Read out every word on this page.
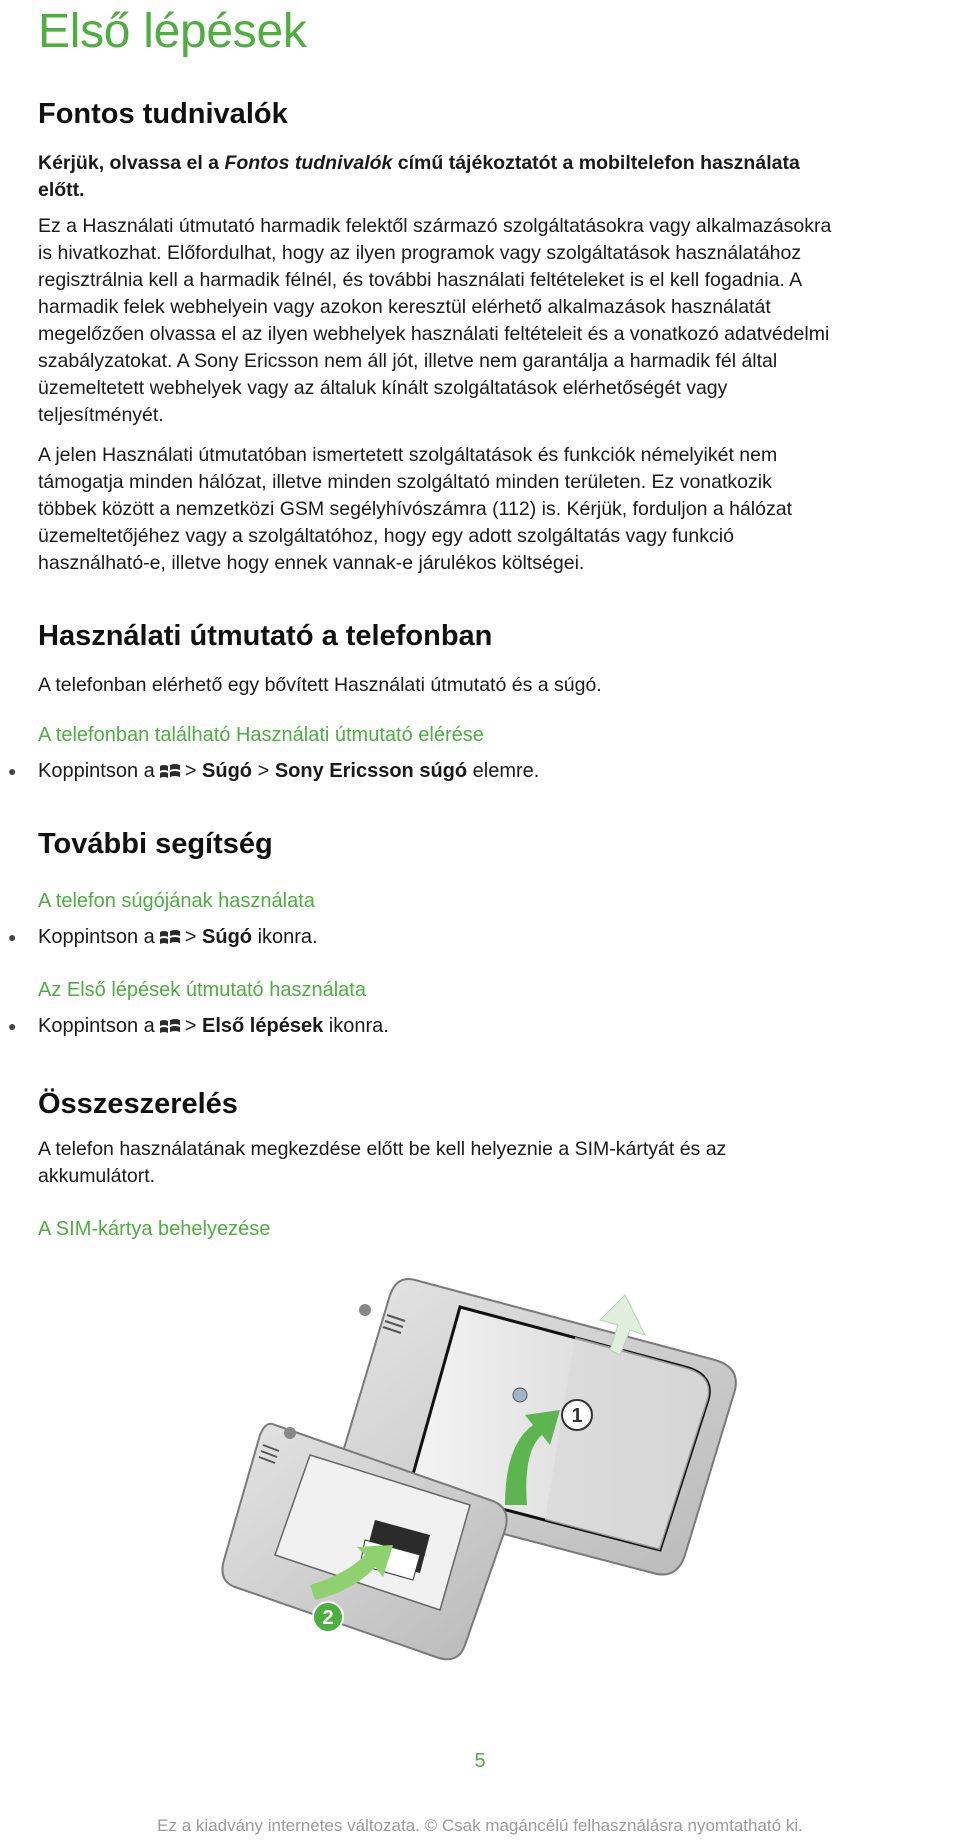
Első lépések
Fontos tudnivalók
Kérjük, olvassa el a Fontos tudnivalók című tájékoztatót a mobiltelefon használata
előtt.
Ez a Használati útmutató harmadik felektől származó szolgáltatásokra vagy alkalmazásokra
is hivatkozhat. Előfordulhat, hogy az ilyen programok vagy szolgáltatások használatához
regisztrálnia kell a harmadik félnél, és további használati feltételeket is el kell fogadnia. A
harmadik felek webhelyein vagy azokon keresztül elérhető alkalmazások használatát
megelőzően olvassa el az ilyen webhelyek használati feltételeit és a vonatkozó adatvédelmi
szabályzatokat. A Sony Ericsson nem áll jót, illetve nem garantálja a harmadik fél által
üzemeltetett webhelyek vagy az általuk kínált szolgáltatások elérhetőségét vagy
teljesítményét.
A jelen Használati útmutatóban ismertetett szolgáltatások és funkciók némelyikét nem
támogatja minden hálózat, illetve minden szolgáltató minden területen. Ez vonatkozik
többek között a nemzetközi GSM segélyhívószámra (112) is. Kérjük, forduljon a hálózat
üzemeltetőjéhez vagy a szolgáltatóhoz, hogy egy adott szolgáltatás vagy funkció
használható-e, illetve hogy ennek vannak-e járulékos költségei.
Használati útmutató a telefonban
A telefonban elérhető egy bővített Használati útmutató és a súgó.
A telefonban található Használati útmutató elérése
●	Koppintson a >
Súgó
>
Sony Ericsson súgó
elemre.
További segítség
A telefon súgójának használata
●	Koppintson a >
Súgó
ikonra.
Az Első lépések útmutató használata
●	Koppintson a >
Első lépések
ikonra.
Összeszerelés
A telefon használatának megkezdése előtt be kell helyeznie a SIM-kártyát és az
akkumulátort.
A SIM-kártya behelyezése
1
2
5
Ez a kiadvány internetes változata. © Csak magáncélú felhasználásra nyomtatható ki.
